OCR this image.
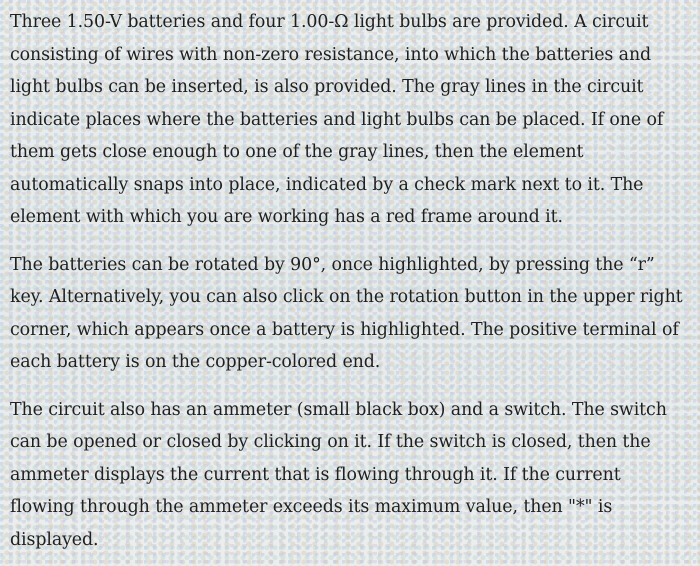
Three 1.50-V batteries and four 1.00-Ω light bulbs are provided. A circuit consisting of wires with non-zero resistance, into which the batteries and light bulbs can be inserted, is also provided. The gray lines in the circuit indicate places where the batteries and light bulbs can be placed. If one of them gets close enough to one of the gray lines, then the element automatically snaps into place, indicated by a check mark next to it. The element with which you are working has a red frame around it.

The batteries can be rotated by 90°, once highlighted, by pressing the “r” key. Alternatively, you can also click on the rotation button in the upper right corner, which appears once a battery is highlighted. The positive terminal of each battery is on the copper-colored end.

The circuit also has an ammeter (small black box) and a switch. The switch can be opened or closed by clicking on it. If the switch is closed, then the ammeter displays the current that is flowing through it. If the current flowing through the ammeter exceeds its maximum value, then "*" is displayed.
